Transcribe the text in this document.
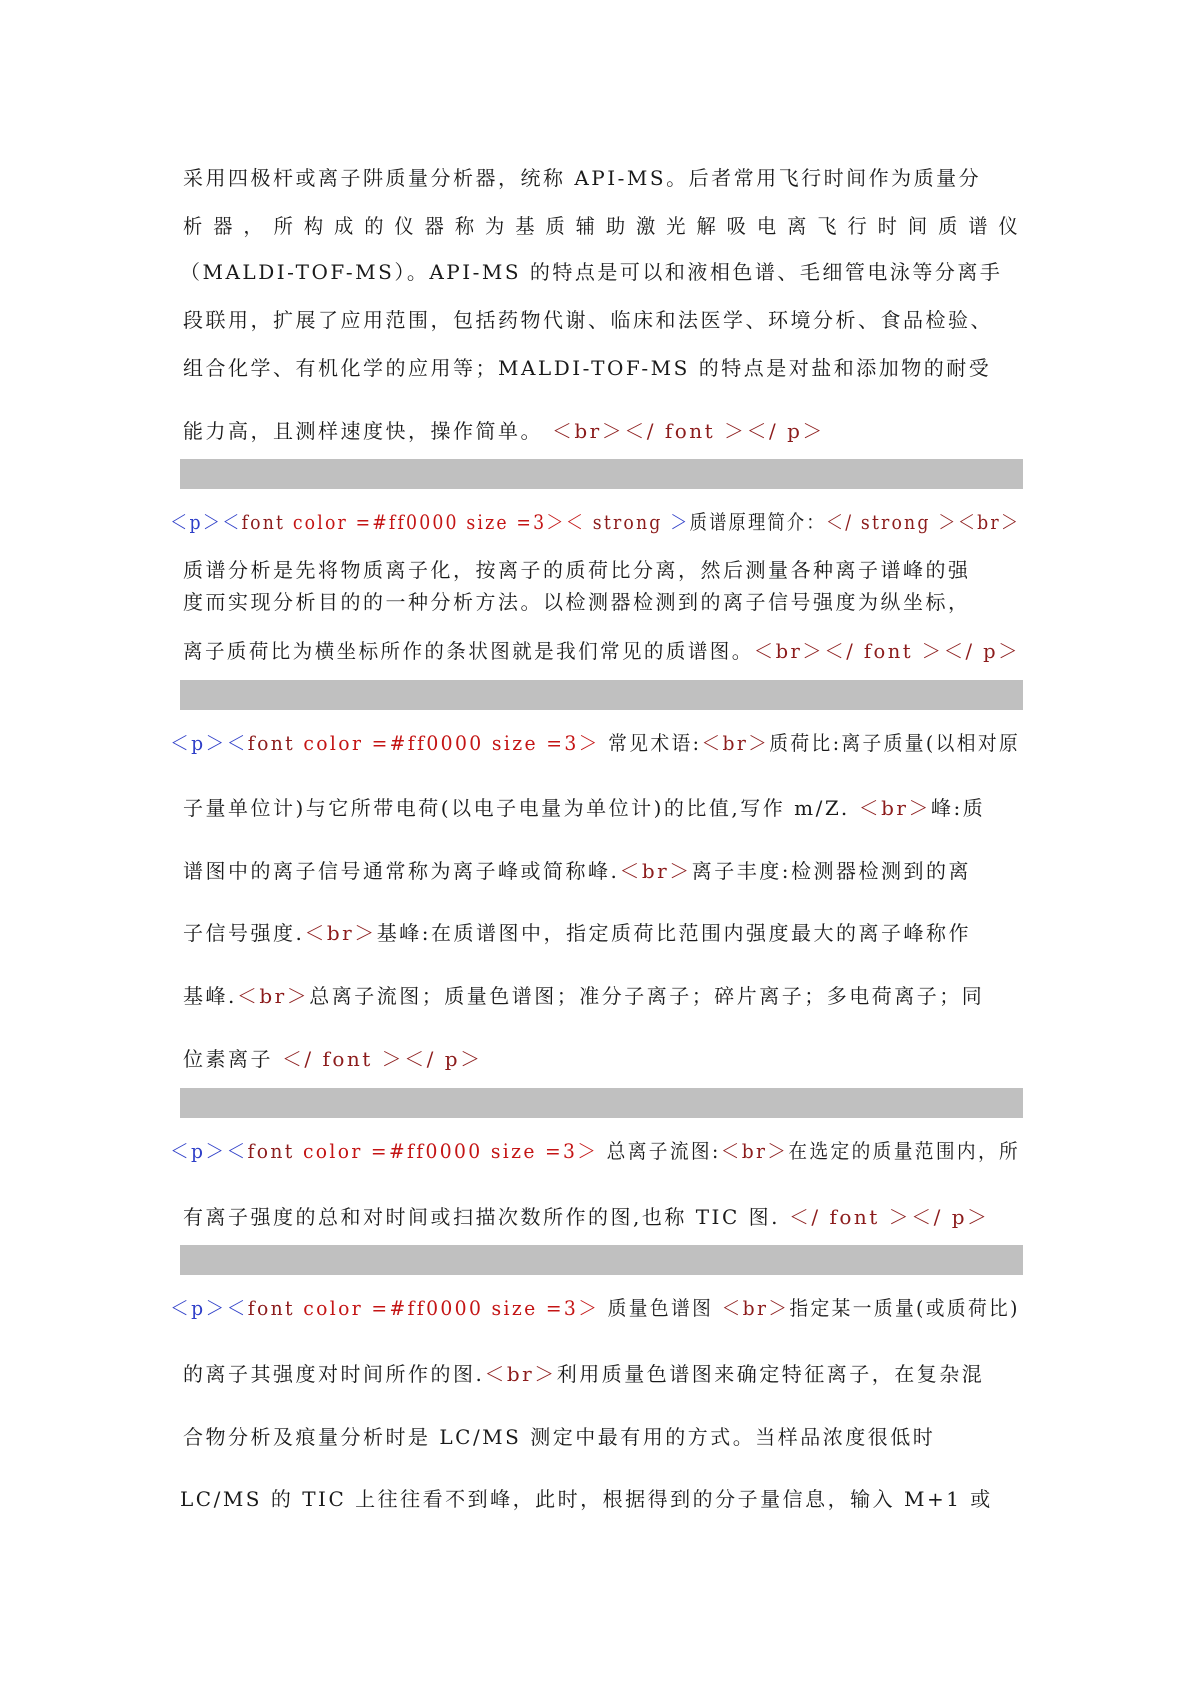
采用四极杆或离子阱质量分析器，统称 API-MS。后者常用飞行时间作为质量分
析 器 ， 所 构 成 的 仪 器 称 为 基 质 辅 助 激 光 解 吸 电 离 飞 行 时 间 质 谱 仪
（MALDI-TOF-MS）。API-MS 的特点是可以和液相色谱、毛细管电泳等分离手
段联用，扩展了应用范围，包括药物代谢、临床和法医学、环境分析、食品检验、
组合化学、有机化学的应用等；MALDI-TOF-MS 的特点是对盐和添加物的耐受
能力高，且测样速度快，操作简单。 ＜br＞＜/ font ＞＜/ p＞
＜p＞＜font color =#ff0000 size =3＞＜ strong ＞质谱原理简介：＜/ strong ＞＜br＞
质谱分析是先将物质离子化，按离子的质荷比分离，然后测量各种离子谱峰的强
度而实现分析目的的一种分析方法。以检测器检测到的离子信号强度为纵坐标，
离子质荷比为横坐标所作的条状图就是我们常见的质谱图。＜br＞＜/ font ＞＜/ p＞
＜p＞＜font color =#ff0000 size =3＞ 常见术语:＜br＞质荷比:离子质量(以相对原
子量单位计)与它所带电荷(以电子电量为单位计)的比值,写作 m/Z. ＜br＞峰:质
谱图中的离子信号通常称为离子峰或简称峰.＜br＞离子丰度:检测器检测到的离
子信号强度.＜br＞基峰:在质谱图中，指定质荷比范围内强度最大的离子峰称作
基峰.＜br＞总离子流图；质量色谱图；准分子离子；碎片离子；多电荷离子；同
位素离子 ＜/ font ＞＜/ p＞
＜p＞＜font color =#ff0000 size =3＞ 总离子流图:＜br＞在选定的质量范围内，所
有离子强度的总和对时间或扫描次数所作的图,也称 TIC 图. ＜/ font ＞＜/ p＞
＜p＞＜font color =#ff0000 size =3＞ 质量色谱图 ＜br＞指定某一质量(或质荷比)
的离子其强度对时间所作的图.＜br＞利用质量色谱图来确定特征离子，在复杂混
合物分析及痕量分析时是 LC/MS 测定中最有用的方式。当样品浓度很低时
LC/MS 的 TIC 上往往看不到峰，此时，根据得到的分子量信息，输入 M+1 或
